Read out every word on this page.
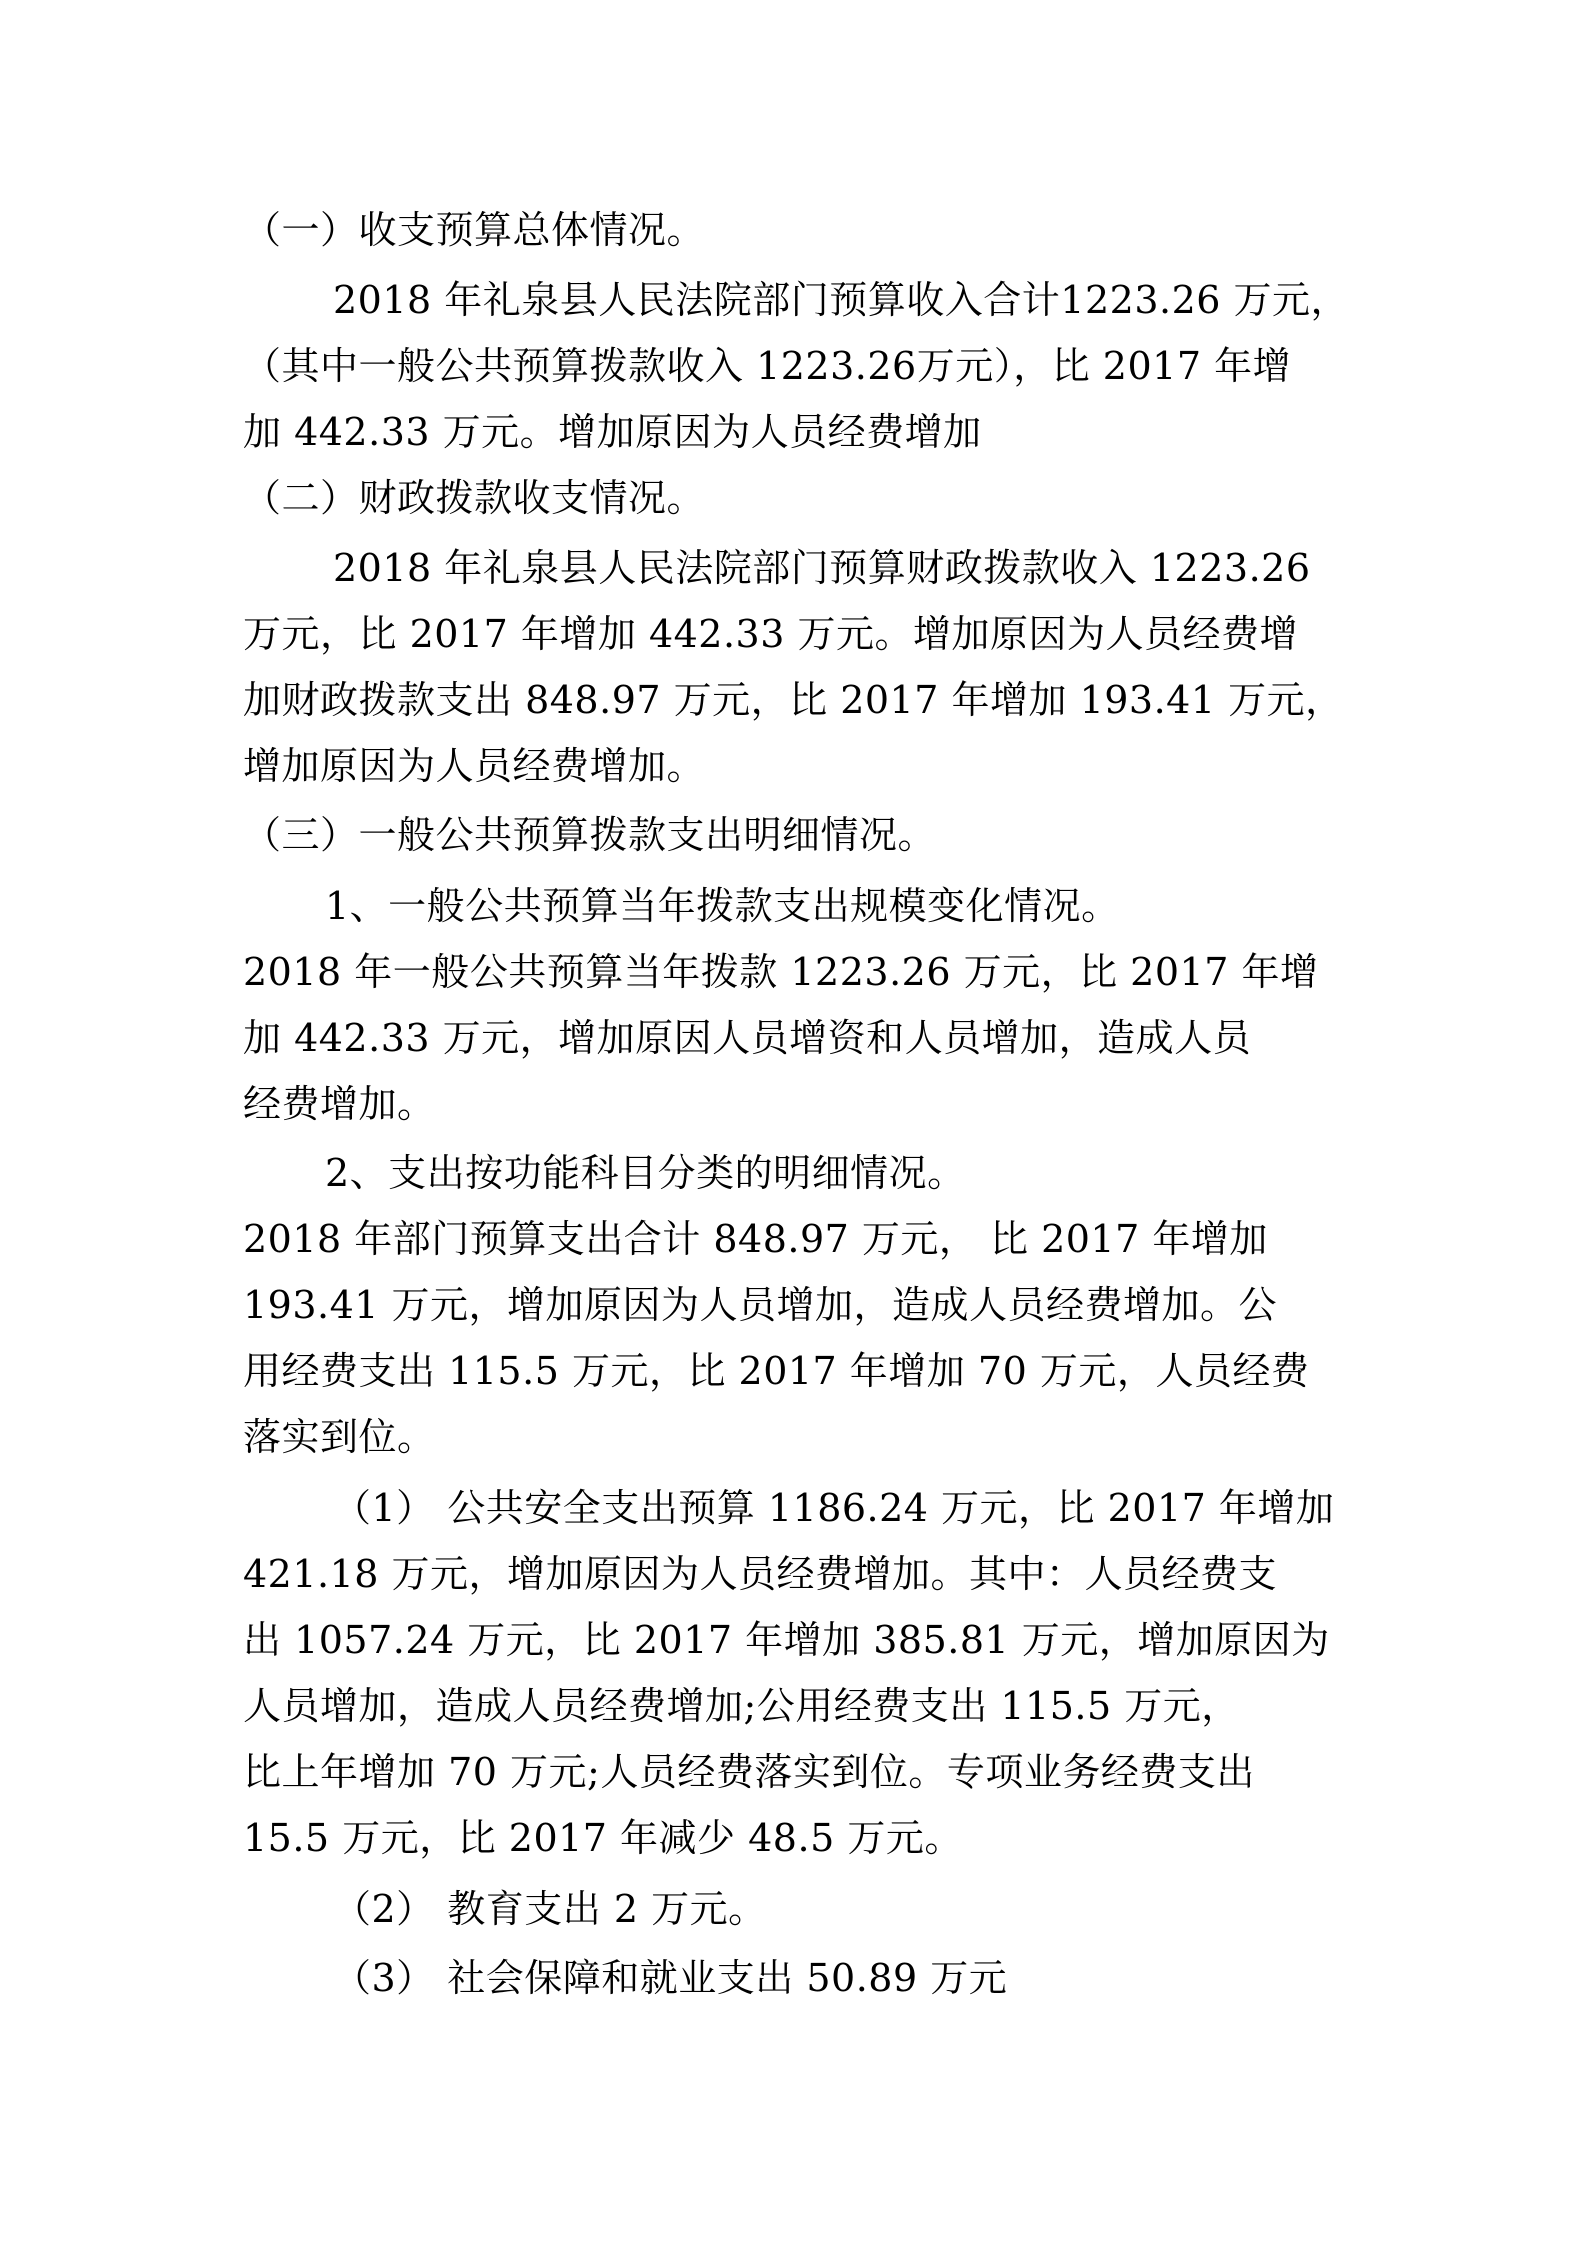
（一）收支预算总体情况。
2018 年礼泉县人民法院部门预算收入合计1223.26 万元，
（其中一般公共预算拨款收入 1223.26万元），比 2017 年增
加 442.33 万元。增加原因为人员经费增加
（二）财政拨款收支情况。
2018 年礼泉县人民法院部门预算财政拨款收入 1223.26
万元，比 2017 年增加 442.33 万元。增加原因为人员经费增
加财政拨款支出 848.97 万元，比 2017 年增加 193.41 万元，
增加原因为人员经费增加。
（三）一般公共预算拨款支出明细情况。
1、一般公共预算当年拨款支出规模变化情况。
2018 年一般公共预算当年拨款 1223.26 万元，比 2017 年增
加 442.33 万元，增加原因人员增资和人员增加，造成人员
经费增加。
2、支出按功能科目分类的明细情况。
2018 年部门预算支出合计 848.97 万元， 比 2017 年增加
193.41 万元，增加原因为人员增加，造成人员经费增加。公
用经费支出 115.5 万元，比 2017 年增加 70 万元，人员经费
落实到位。
（1） 公共安全支出预算 1186.24 万元，比 2017 年增加
421.18 万元，增加原因为人员经费增加。其中：人员经费支
出 1057.24 万元，比 2017 年增加 385.81 万元，增加原因为
人员增加，造成人员经费增加;公用经费支出 115.5 万元，
比上年增加 70 万元;人员经费落实到位。专项业务经费支出
15.5 万元，比 2017 年减少 48.5 万元。
（2） 教育支出 2 万元。
（3） 社会保障和就业支出 50.89 万元
